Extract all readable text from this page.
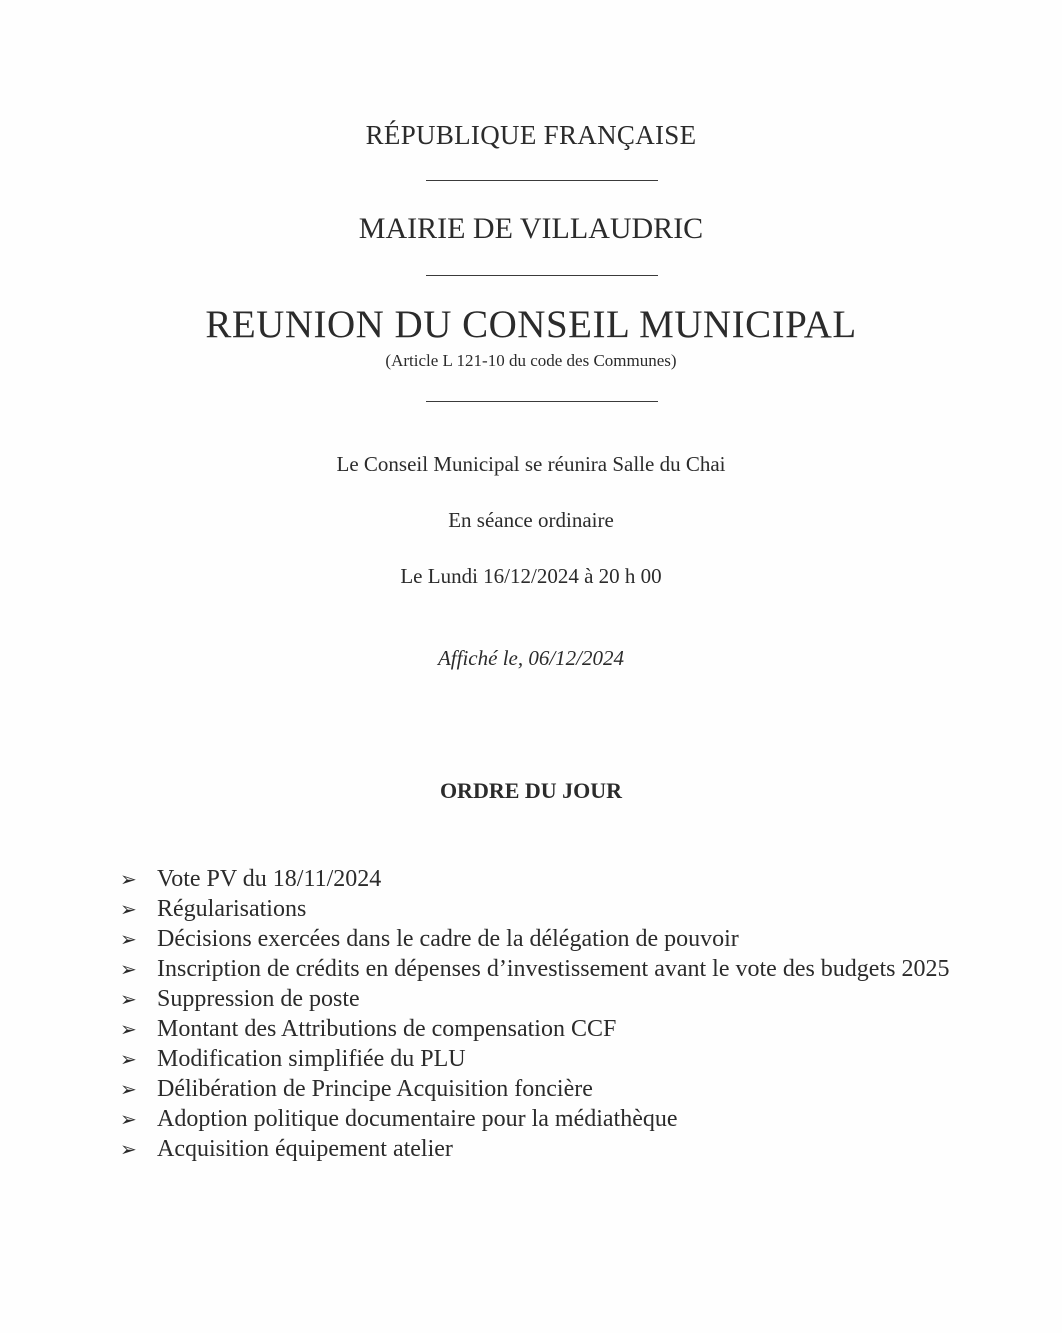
RÉPUBLIQUE FRANÇAISE
MAIRIE DE VILLAUDRIC
REUNION DU CONSEIL MUNICIPAL
(Article L 121-10 du code des Communes)
Le Conseil Municipal se réunira Salle du Chai
En séance ordinaire
Le Lundi 16/12/2024 à 20 h 00
Affiché le, 06/12/2024
ORDRE DU JOUR
➢ Vote PV du 18/11/2024
➢ Régularisations
➢ Décisions exercées dans le cadre de la délégation de pouvoir
➢ Inscription de crédits en dépenses d’investissement avant le vote des budgets 2025
➢ Suppression de poste
➢ Montant des Attributions de compensation CCF
➢ Modification simplifiée du PLU
➢ Délibération de Principe Acquisition foncière
➢ Adoption politique documentaire pour la médiathèque
➢ Acquisition équipement atelier
